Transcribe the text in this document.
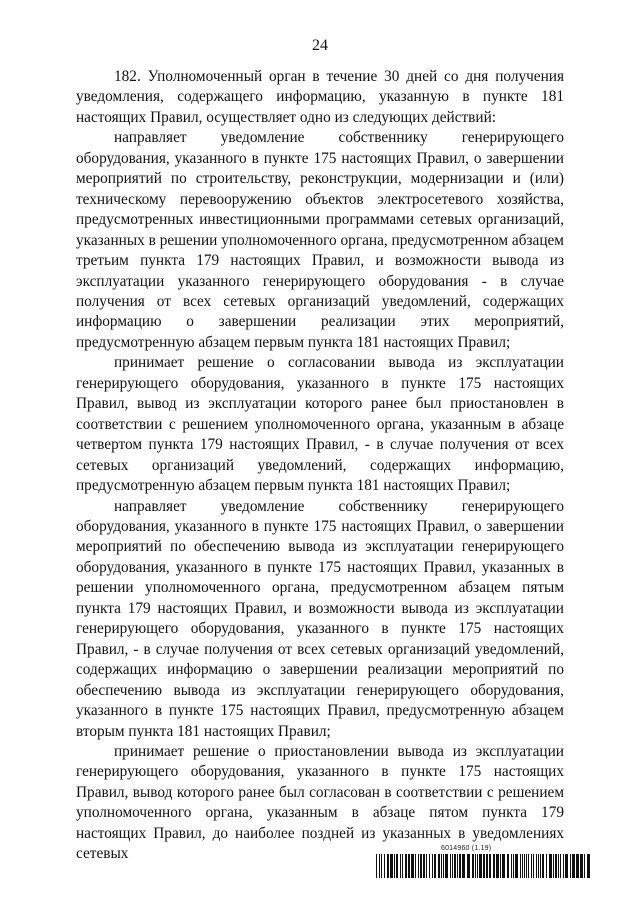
24

182. Уполномоченный орган в течение 30 дней со дня получения уведомления, содержащего информацию, указанную в пункте 181 настоящих Правил, осуществляет одно из следующих действий:

направляет уведомление собственнику генерирующего оборудования, указанного в пункте 175 настоящих Правил, о завершении мероприятий по строительству, реконструкции, модернизации и (или) техническому перевооружению объектов электросетевого хозяйства, предусмотренных инвестиционными программами сетевых организаций, указанных в решении уполномоченного органа, предусмотренном абзацем третьим пункта 179 настоящих Правил, и возможности вывода из эксплуатации указанного генерирующего оборудования - в случае получения от всех сетевых организаций уведомлений, содержащих информацию о завершении реализации этих мероприятий, предусмотренную абзацем первым пункта 181 настоящих Правил;

принимает решение о согласовании вывода из эксплуатации генерирующего оборудования, указанного в пункте 175 настоящих Правил, вывод из эксплуатации которого ранее был приостановлен в соответствии с решением уполномоченного органа, указанным в абзаце четвертом пункта 179 настоящих Правил, - в случае получения от всех сетевых организаций уведомлений, содержащих информацию, предусмотренную абзацем первым пункта 181 настоящих Правил;

направляет уведомление собственнику генерирующего оборудования, указанного в пункте 175 настоящих Правил, о завершении мероприятий по обеспечению вывода из эксплуатации генерирующего оборудования, указанного в пункте 175 настоящих Правил, указанных в решении уполномоченного органа, предусмотренном абзацем пятым пункта 179 настоящих Правил, и возможности вывода из эксплуатации генерирующего оборудования, указанного в пункте 175 настоящих Правил, - в случае получения от всех сетевых организаций уведомлений, содержащих информацию о завершении реализации мероприятий по обеспечению вывода из эксплуатации генерирующего оборудования, указанного в пункте 175 настоящих Правил, предусмотренную абзацем вторым пункта 181 настоящих Правил;

принимает решение о приостановлении вывода из эксплуатации генерирующего оборудования, указанного в пункте 175 настоящих Правил, вывод которого ранее был согласован в соответствии с решением уполномоченного органа, указанным в абзаце пятом пункта 179 настоящих Правил, до наиболее поздней из указанных в уведомлениях сетевых	6014960 (1.19)
